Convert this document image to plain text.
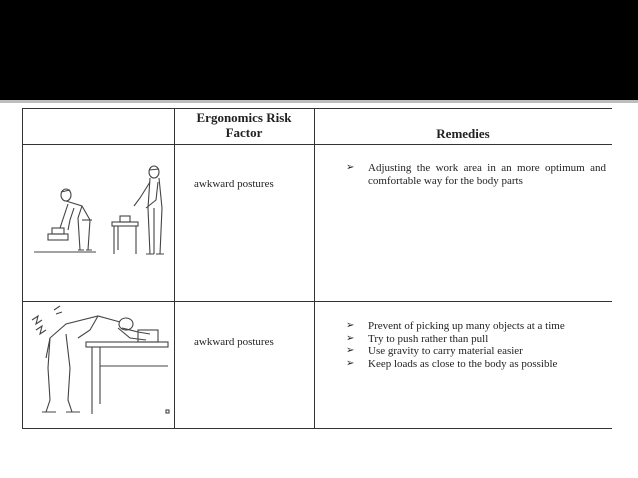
Ergonomics Risk
Factor	Remedies
awkward postures
➢ Adjusting the work area in an more optimum and comfortable way for the body parts
awkward postures
➢ Prevent of picking up many objects at a time
➢ Try to push rather than pull
➢ Use gravity to carry material easier
➢ Keep loads as close to the body as possible
